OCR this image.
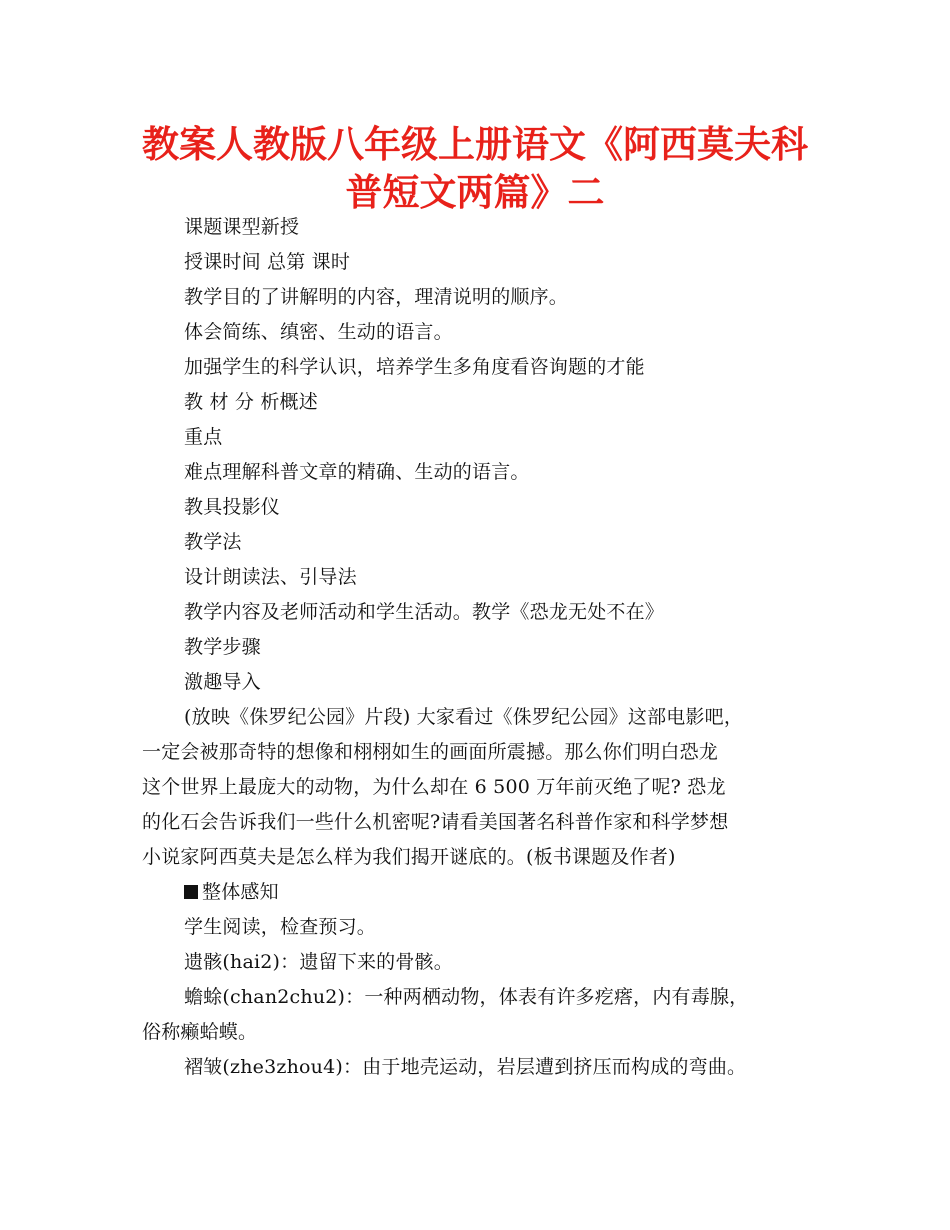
教案人教版八年级上册语文《阿西莫夫科
普短文两篇》二

课题课型新授

授课时间 总第 课时

教学目的了讲解明的内容，理清说明的顺序。

体会简练、缜密、生动的语言。

加强学生的科学认识，培养学生多角度看咨询题的才能

教 材 分 析概述

重点

难点理解科普文章的精确、生动的语言。

教具投影仪

教学法

设计朗读法、引导法

教学内容及老师活动和学生活动。教学《恐龙无处不在》

教学步骤

激趣导入

(放映《侏罗纪公园》片段) 大家看过《侏罗纪公园》这部电影吧，
一定会被那奇特的想像和栩栩如生的画面所震撼。那么你们明白恐龙
这个世界上最庞大的动物，为什么却在 6 500 万年前灭绝了呢? 恐龙
的化石会告诉我们一些什么机密呢?请看美国著名科普作家和科学梦想
小说家阿西莫夫是怎么样为我们揭开谜底的。(板书课题及作者)

整体感知

学生阅读，检查预习。

遗骸(hai2)：遗留下来的骨骸。

蟾蜍(chan2chu2)：一种两栖动物，体表有许多疙瘩，内有毒腺，
俗称癞蛤蟆。

褶皱(zhe3zhou4)：由于地壳运动，岩层遭到挤压而构成的弯曲。
